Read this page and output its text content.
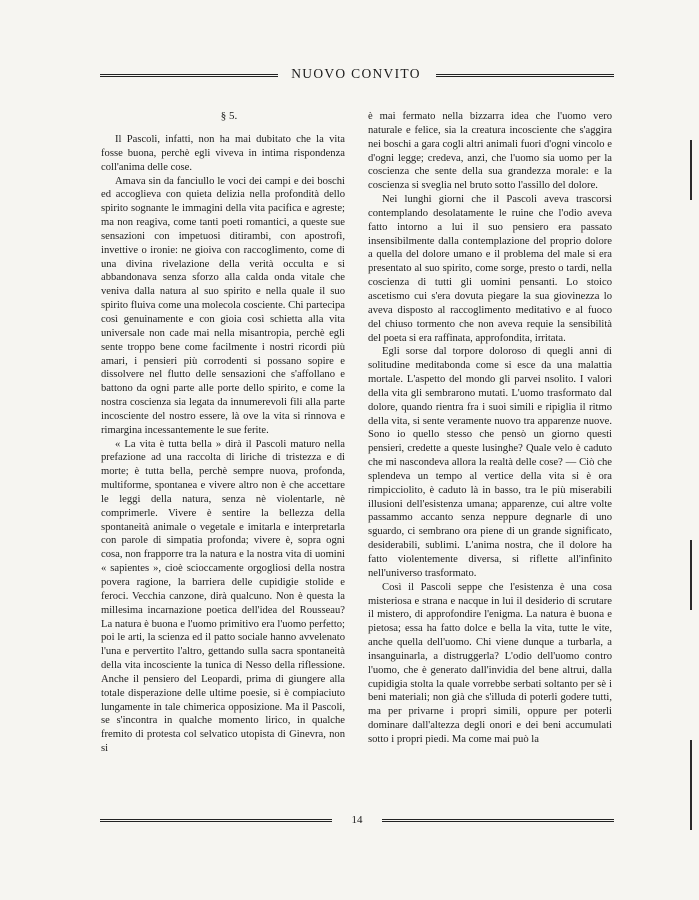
NUOVO CONVITO
§ 5.

Il Pascoli, infatti, non ha mai dubitato che la vita fosse buona, perchè egli viveva in intima rispondenza coll'anima delle cose.

Amava sin da fanciullo le voci dei campi e dei boschi ed accoglieva con quieta delizia nella profondità dello spirito sognante le immagini della vita pacifica e agreste; ma non reagiva, come tanti poeti romantici, a queste sue sensazioni con impetuosi ditirambi, con apostrofi, invettive o ironie: ne gioiva con raccoglimento, come di una divina rivelazione della verità occulta e si abbandonava senza sforzo alla calda onda vitale che veniva dalla natura al suo spirito e nella quale il suo spirito fluiva come una molecola cosciente. Chi partecipa così genuinamente e con gioia così schietta alla vita universale non cade mai nella misantropia, perchè egli sente troppo bene come facilmente i nostri ricordi più amari, i pensieri più corrodenti si possano sopire e dissolvere nel flutto delle sensazioni che s'affollano e battono da ogni parte alle porte dello spirito, e come la nostra coscienza sia legata da innumerevoli fili alla parte incosciente del nostro essere, là ove la vita si rinnova e rimargina incessantemente le sue ferite.

« La vita è tutta bella » dirà il Pascoli maturo nella prefazione ad una raccolta di liriche di tristezza e di morte; è tutta bella, perchè sempre nuova, profonda, multiforme, spontanea e vivere altro non è che accettare le leggi della natura, senza nè violentarle, nè comprimerle. Vivere è sentire la bellezza della spontaneità animale o vegetale e imitarla e interpretarla con parole di simpatia profonda; vivere è, sopra ogni cosa, non frapporre tra la natura e la nostra vita di uomini « sapientes », cioè scioccamente orgogliosi della nostra povera ragione, la barriera delle cupidigie stolide e feroci. Vecchia canzone, dirà qualcuno. Non è questa la millesima incarnazione poetica dell'idea del Rousseau? La natura è buona e l'uomo primitivo era l'uomo perfetto; poi le arti, la scienza ed il patto sociale hanno avvelenato l'una e pervertito l'altro, gettando sulla sacra spontaneità della vita incosciente la tunica di Nesso della riflessione. Anche il pensiero del Leopardi, prima di giungere alla totale disperazione delle ultime poesie, si è compiaciuto lungamente in tale chimerica opposizione. Ma il Pascoli, se s'incontra in qualche momento lirico, in qualche fremito di protesta col selvatico utopista di Ginevra, non si

è mai fermato nella bizzarra idea che l'uomo vero naturale e felice, sia la creatura incosciente che s'aggira nei boschi a gara cogli altri animali fuori d'ogni vincolo e d'ogni legge; credeva, anzi, che l'uomo sia uomo per la coscienza che sente della sua grandezza morale: e la coscienza si sveglia nel bruto sotto l'assillo del dolore.

Nei lunghi giorni che il Pascoli aveva trascorsi contemplando desolatamente le ruine che l'odio aveva fatto intorno a lui il suo pensiero era passato insensibilmente dalla contemplazione del proprio dolore a quella del dolore umano e il problema del male si era presentato al suo spirito, come sorge, presto o tardi, nella coscienza di tutti gli uomini pensanti. Lo stoico ascetismo cui s'era dovuta piegare la sua giovinezza lo aveva disposto al raccoglimento meditativo e al fuoco del chiuso tormento che non aveva requie la sensibilità del poeta si era raffinata, approfondita, irritata.

Egli sorse dal torpore doloroso di quegli anni di solitudine meditabonda come si esce da una malattia mortale. L'aspetto del mondo gli parvei nsolito. I valori della vita gli sembrarono mutati. L'uomo trasformato dal dolore, quando rientra fra i suoi simili e ripiglia il ritmo della vita, si sente veramente nuovo tra apparenze nuove. Sono io quello stesso che pensò un giorno questi pensieri, credette a queste lusinghe? Quale velo è caduto che mi nascondeva allora la realtà delle cose? — Ciò che splendeva un tempo al vertice della vita si è ora rimpicciolito, è caduto là in basso, tra le più miserabili illusioni dell'esistenza umana; apparenze, cui altre volte passammo accanto senza neppure degnarle di uno sguardo, ci sembrano ora piene di un grande significato, desiderabili, sublimi. L'anima nostra, che il dolore ha fatto violentemente diversa, si riflette all'infinito nell'universo trasformato.

Così il Pascoli seppe che l'esistenza è una cosa misteriosa e strana e nacque in lui il desiderio di scrutare il mistero, di approfondire l'enigma. La natura è buona e pietosa; essa ha fatto dolce e bella la vita, tutte le vite, anche quella dell'uomo. Chi viene dunque a turbarla, a insanguinarla, a distruggerla? L'odio dell'uomo contro l'uomo, che è generato dall'invidia del bene altrui, dalla cupidigia stolta la quale vorrebbe serbati soltanto per sè i beni materiali; non già che s'illuda di poterli godere tutti, ma per privarne i propri simili, oppure per poterli dominare dall'altezza degli onori e dei beni accumulati sotto i propri piedi. Ma come mai può la

14
